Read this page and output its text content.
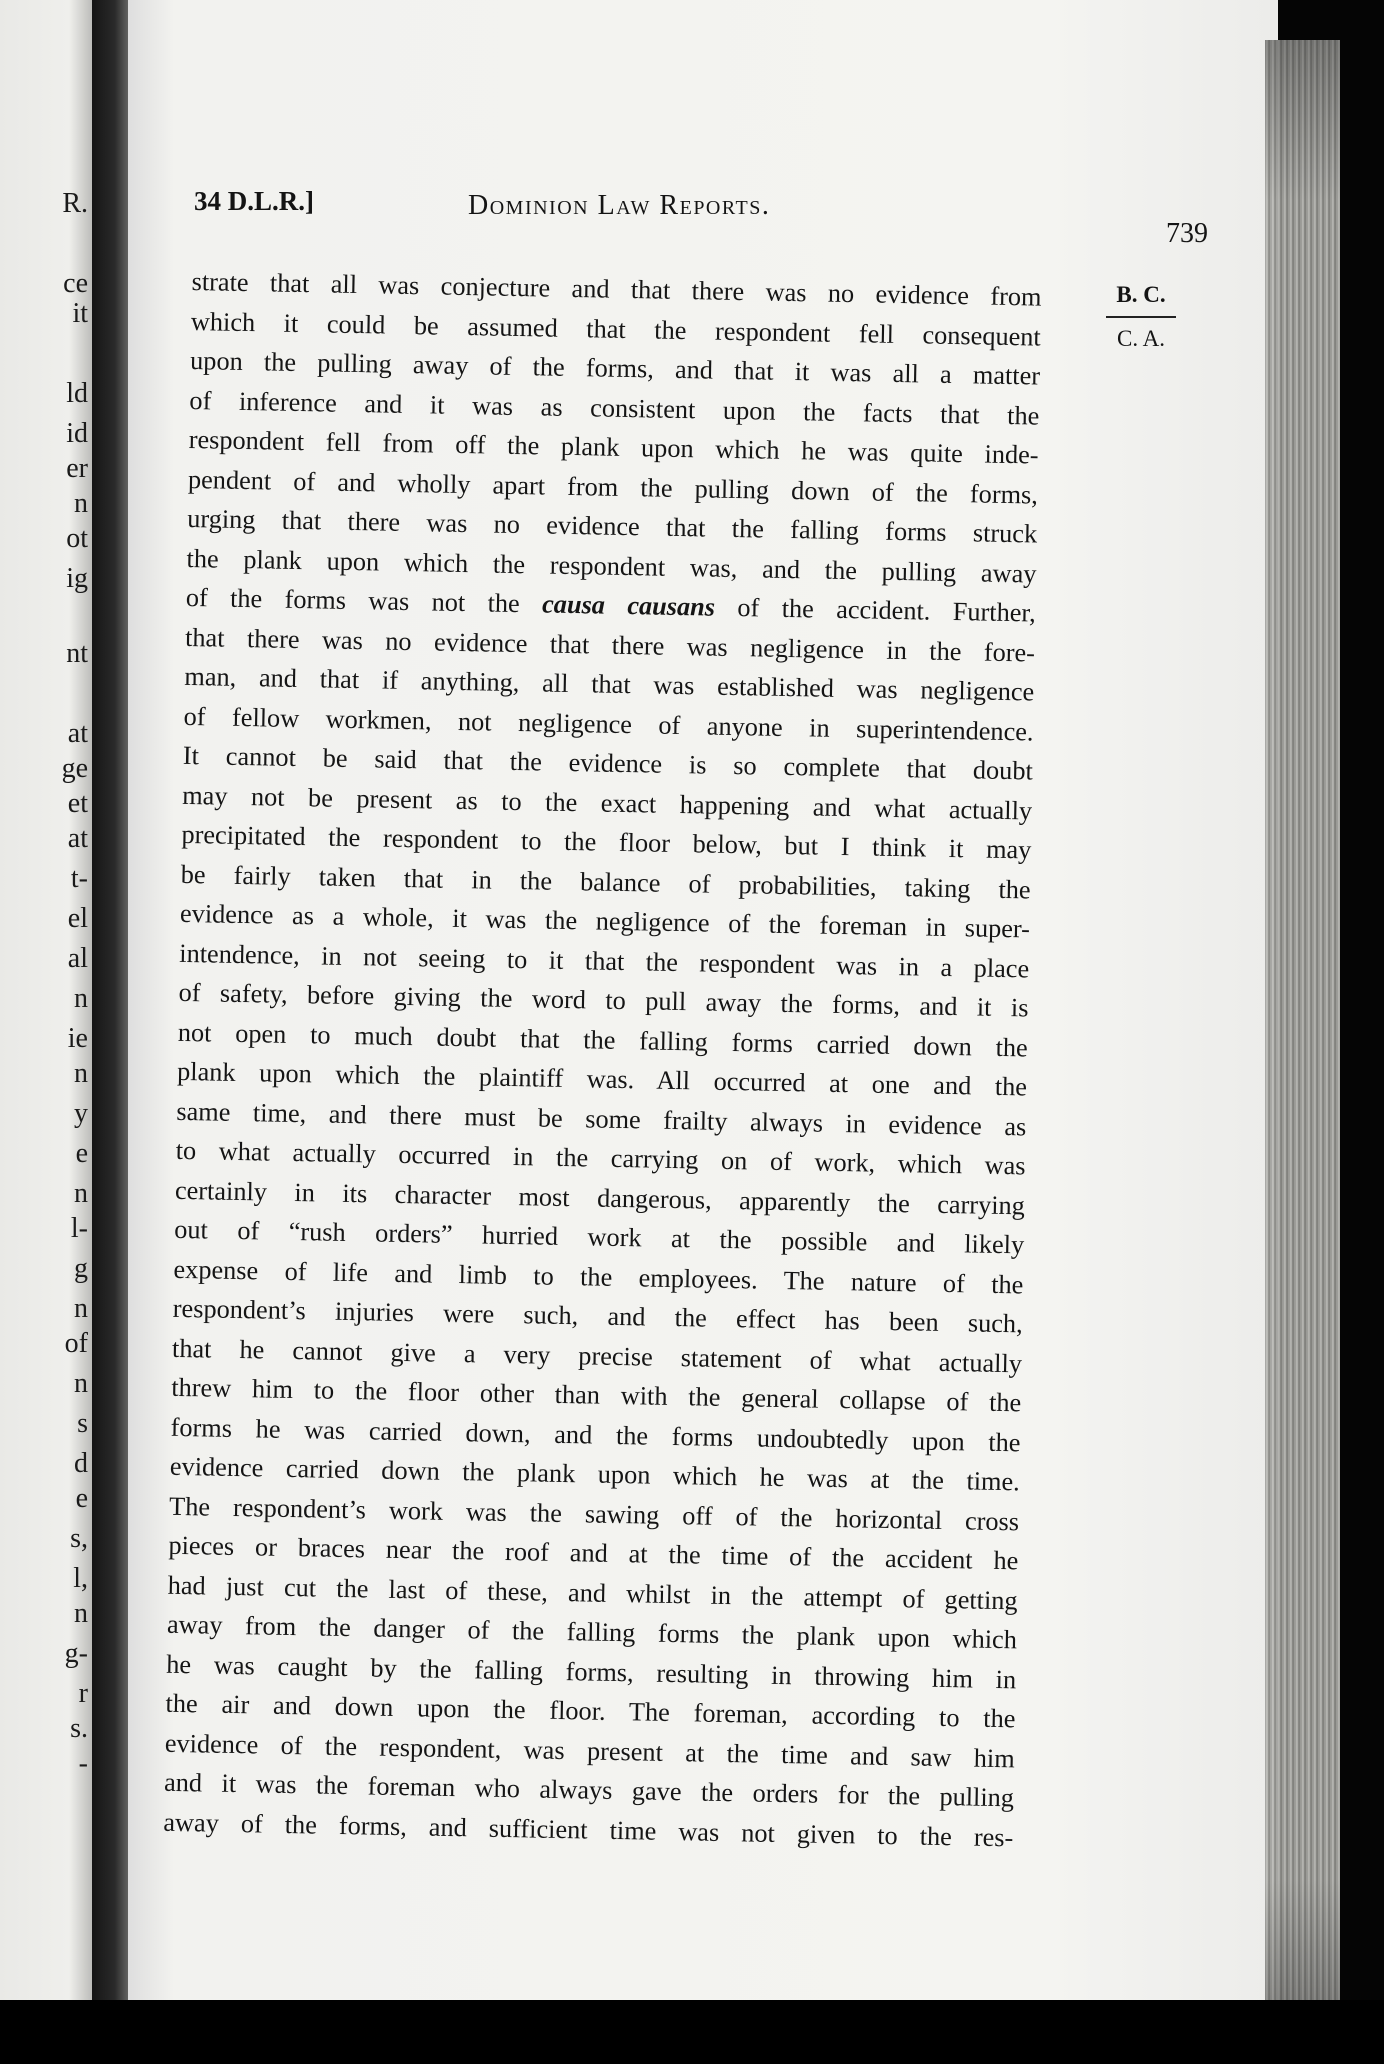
R.
ce
it
ld
id
er
n
ot
ig
nt
at
ge
et
at
t-
el
al
n
ie
n
y
e
n
l-
g
n
of
n
s
d
e
s,
l,
n
g-
r
s.
-
34 D.L.R.]	Dominion Law Reports.
739
B. C.
C. A.
strate that all was conjecture and that there was no evidence from
which it could be assumed that the respondent fell consequent
upon the pulling away of the forms, and that it was all a matter
of inference and it was as consistent upon the facts that the
respondent fell from off the plank upon which he was quite inde-
pendent of and wholly apart from the pulling down of the forms,
urging that there was no evidence that the falling forms struck
the plank upon which the respondent was, and the pulling away
of the forms was not the causa causans of the accident. Further,
that there was no evidence that there was negligence in the fore-
man, and that if anything, all that was established was negligence
of fellow workmen, not negligence of anyone in superintendence.
It cannot be said that the evidence is so complete that doubt
may not be present as to the exact happening and what actually
precipitated the respondent to the floor below, but I think it may
be fairly taken that in the balance of probabilities, taking the
evidence as a whole, it was the negligence of the foreman in super-
intendence, in not seeing to it that the respondent was in a place
of safety, before giving the word to pull away the forms, and it is
not open to much doubt that the falling forms carried down the
plank upon which the plaintiff was. All occurred at one and the
same time, and there must be some frailty always in evidence as
to what actually occurred in the carrying on of work, which was
certainly in its character most dangerous, apparently the carrying
out of “rush orders” hurried work at the possible and likely
expense of life and limb to the employees. The nature of the
respondent’s injuries were such, and the effect has been such,
that he cannot give a very precise statement of what actually
threw him to the floor other than with the general collapse of the
forms he was carried down, and the forms undoubtedly upon the
evidence carried down the plank upon which he was at the time.
The respondent’s work was the sawing off of the horizontal cross
pieces or braces near the roof and at the time of the accident he
had just cut the last of these, and whilst in the attempt of getting
away from the danger of the falling forms the plank upon which
he was caught by the falling forms, resulting in throwing him in
the air and down upon the floor. The foreman, according to the
evidence of the respondent, was present at the time and saw him
and it was the foreman who always gave the orders for the pulling
away of the forms, and sufficient time was not given to the res-
